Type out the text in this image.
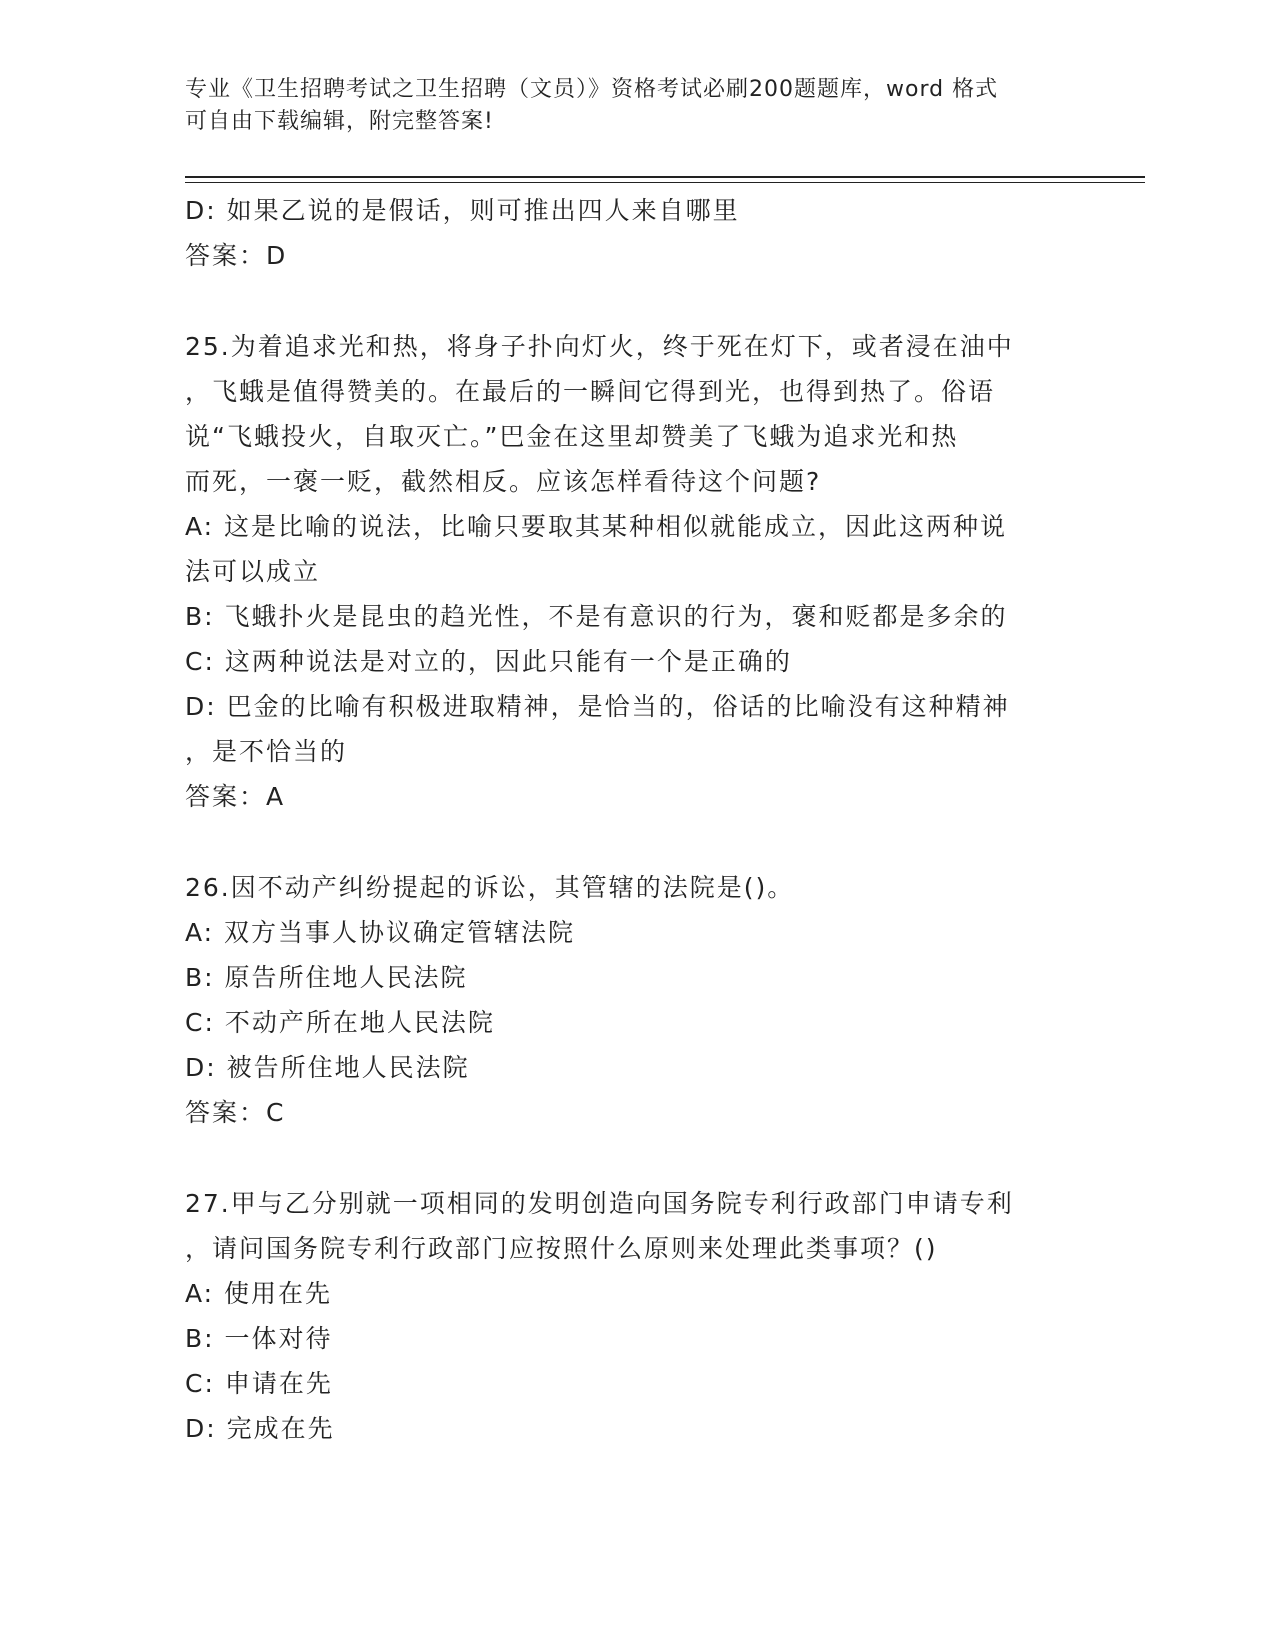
专业《卫生招聘考试之卫生招聘（文员）》资格考试必刷200题题库，word 格式
可自由下载编辑，附完整答案!
D: 如果乙说的是假话，则可推出四人来自哪里
答案：D
25.为着追求光和热，将身子扑向灯火，终于死在灯下，或者浸在油中
，飞蛾是值得赞美的。在最后的一瞬间它得到光，也得到热了。俗语
说“飞蛾投火，自取灭亡。”巴金在这里却赞美了飞蛾为追求光和热
而死，一褒一贬，截然相反。应该怎样看待这个问题?
A: 这是比喻的说法，比喻只要取其某种相似就能成立，因此这两种说
法可以成立
B: 飞蛾扑火是昆虫的趋光性，不是有意识的行为，褒和贬都是多余的
C: 这两种说法是对立的，因此只能有一个是正确的
D: 巴金的比喻有积极进取精神，是恰当的，俗话的比喻没有这种精神
，是不恰当的
答案：A
26.因不动产纠纷提起的诉讼，其管辖的法院是()。
A: 双方当事人协议确定管辖法院
B: 原告所住地人民法院
C: 不动产所在地人民法院
D: 被告所住地人民法院
答案：C
27.甲与乙分别就一项相同的发明创造向国务院专利行政部门申请专利
，请问国务院专利行政部门应按照什么原则来处理此类事项？()
A: 使用在先
B: 一体对待
C: 申请在先
D: 完成在先
